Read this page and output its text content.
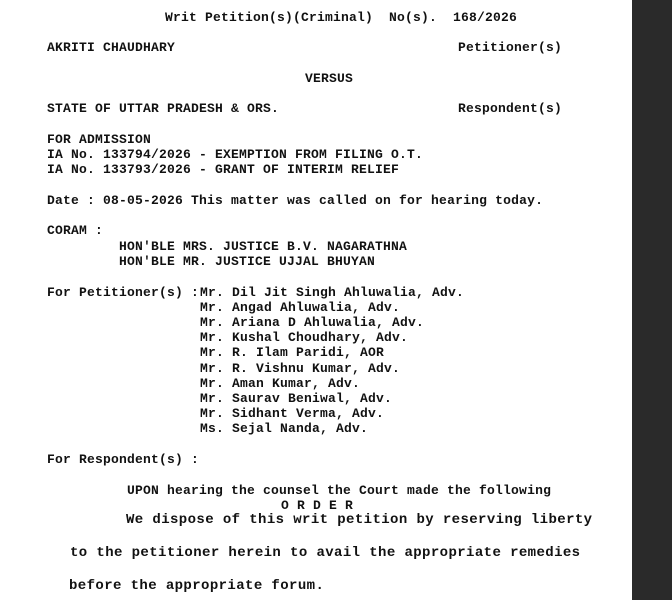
Writ Petition(s)(Criminal)  No(s).  168/2026
AKRITI CHAUDHARY	Petitioner(s)
VERSUS
STATE OF UTTAR PRADESH & ORS.	Respondent(s)
FOR ADMISSION
IA No. 133794/2026 - EXEMPTION FROM FILING O.T.
IA No. 133793/2026 - GRANT OF INTERIM RELIEF
Date : 08-05-2026 This matter was called on for hearing today.
CORAM :
HON'BLE MRS. JUSTICE B.V. NAGARATHNA
HON'BLE MR. JUSTICE UJJAL BHUYAN
For Petitioner(s) : Mr. Dil Jit Singh Ahluwalia, Adv.
Mr. Angad Ahluwalia, Adv.
Mr. Ariana D Ahluwalia, Adv.
Mr. Kushal Choudhary, Adv.
Mr. R. Ilam Paridi, AOR
Mr. R. Vishnu Kumar, Adv.
Mr. Aman Kumar, Adv.
Mr. Saurav Beniwal, Adv.
Mr. Sidhant Verma, Adv.
Ms. Sejal Nanda, Adv.
For Respondent(s) :
UPON hearing the counsel the Court made the following
O R D E R
We dispose of this writ petition by reserving liberty
to the petitioner herein to avail the appropriate remedies
before the appropriate forum.
